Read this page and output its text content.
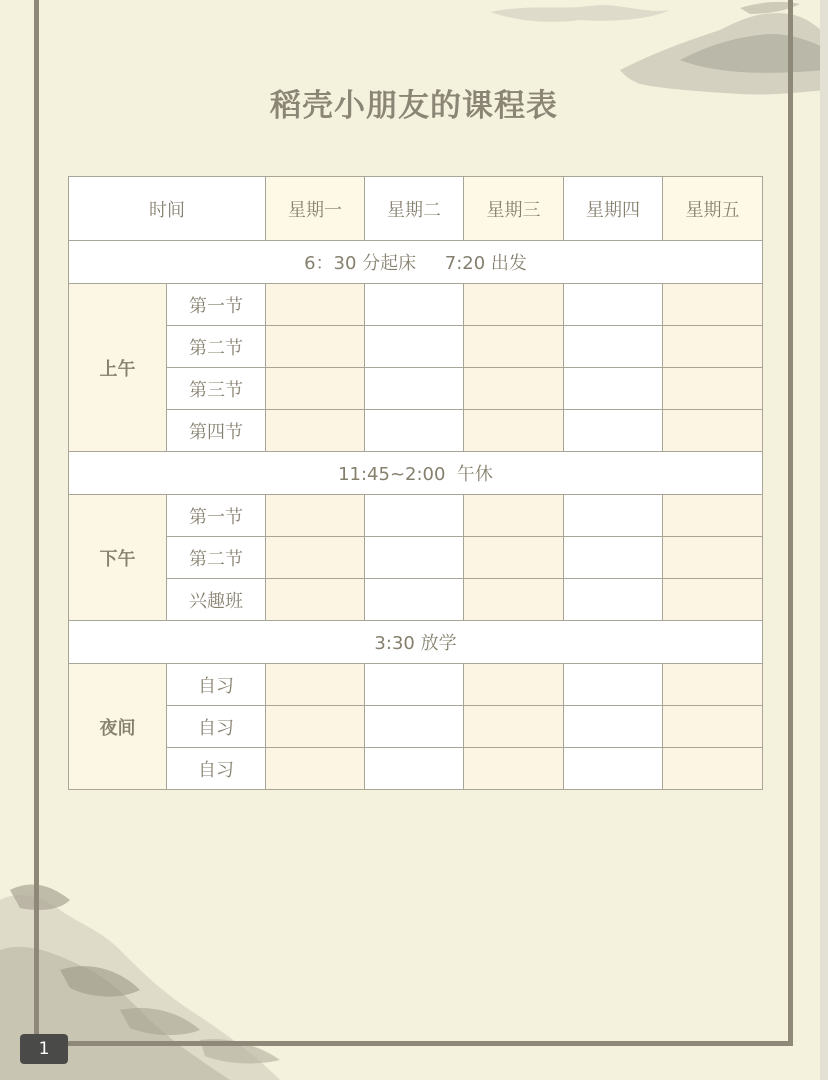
稻壳小朋友的课程表
时间		星期一	星期二	星期三	星期四	星期五
6：30 分起床     7:20 出发						
上午	第一节					
	第二节					
	第三节					
	第四节					
11:45~2:00  午休						
下午	第一节					
	第二节					
	兴趣班					
3:30 放学						
夜间	自习					
	自习					
	自习					
1
